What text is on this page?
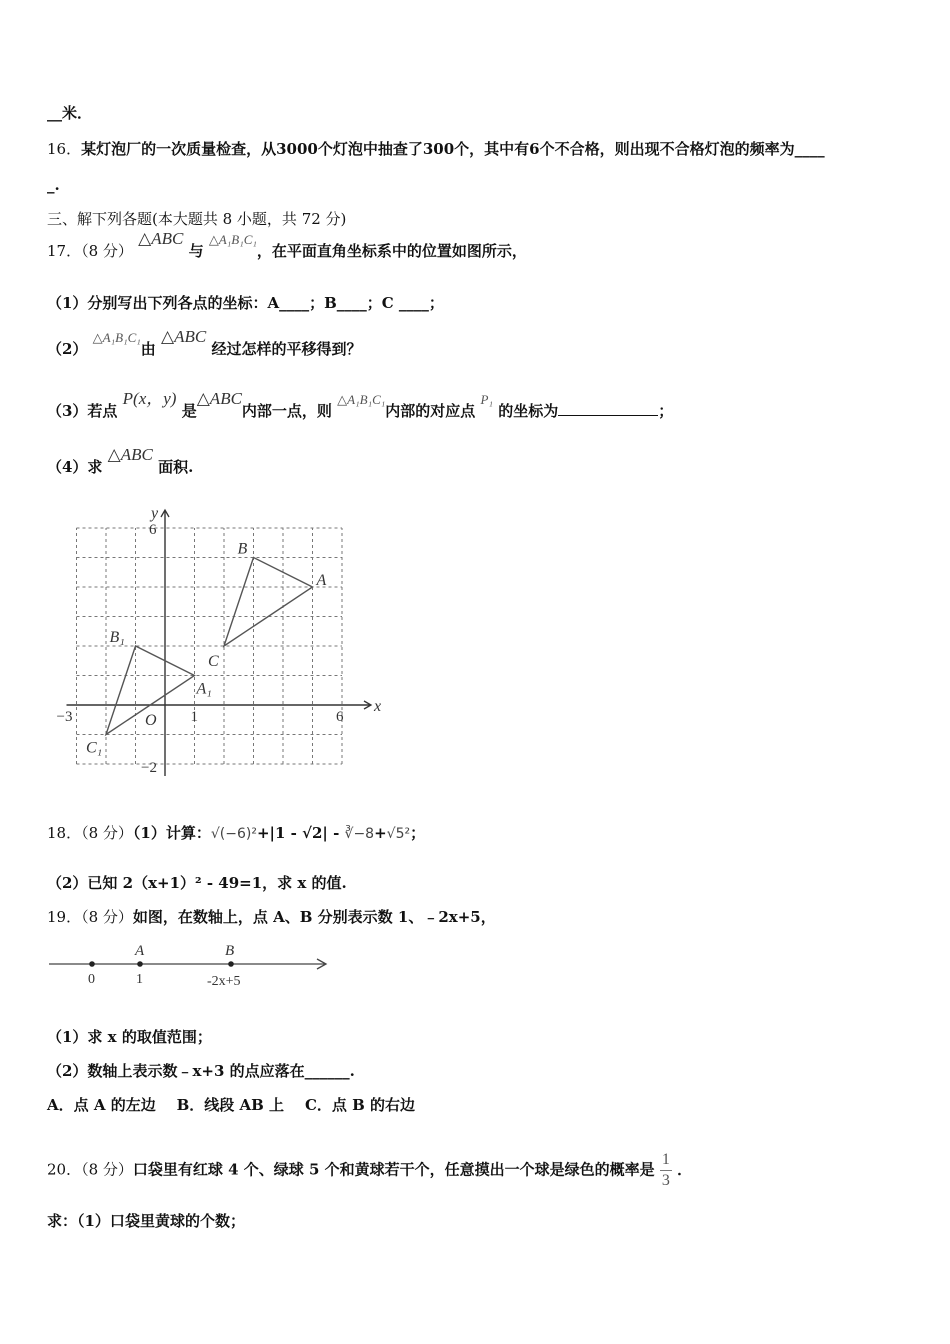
__米．
16．某灯泡厂的一次质量检查，从3000个灯泡中抽查了300个，其中有6个不合格，则出现不合格灯泡的频率为____
_.
三、解下列各题(本大题共 8 小题，共 72 分)
17．（8 分） △ABC 与 △A₁B₁C₁，在平面直角坐标系中的位置如图所示，
（1）分别写出下列各点的坐标：A____；B____；C ____；
（2） △A₁B₁C₁由 △ABC 经过怎样的平移得到？
（3）若点 P(x，y) 是△ABC内部一点，则 △A₁B₁C₁内部的对应点 P₁ 的坐标为	；
（4）求 △ABC 面积.
y
x
O
6
6
−3	1
−2
A
B
C
A₁
B₁
C₁
18．（8 分）（1）计算：√(−6)²+|1 - √2| - ∛−8+√5²；
（2）已知 2（x+1）² - 49=1，求 x 的值.
19．（8 分）如图，在数轴上，点 A、B 分别表示数 1、﹣2x+5，
0	1	-2x+5
A	B
（1）求 x 的取值范围；
（2）数轴上表示数﹣x+3 的点应落在______.
A．点 A 的左边    B．线段 AB 上    C．点 B 的右边
20．（8 分）口袋里有红球 4 个、绿球 5 个和黄球若干个，任意摸出一个球是绿色的概率是 $\frac{1}{3}$ ．
求：（1）口袋里黄球的个数；
